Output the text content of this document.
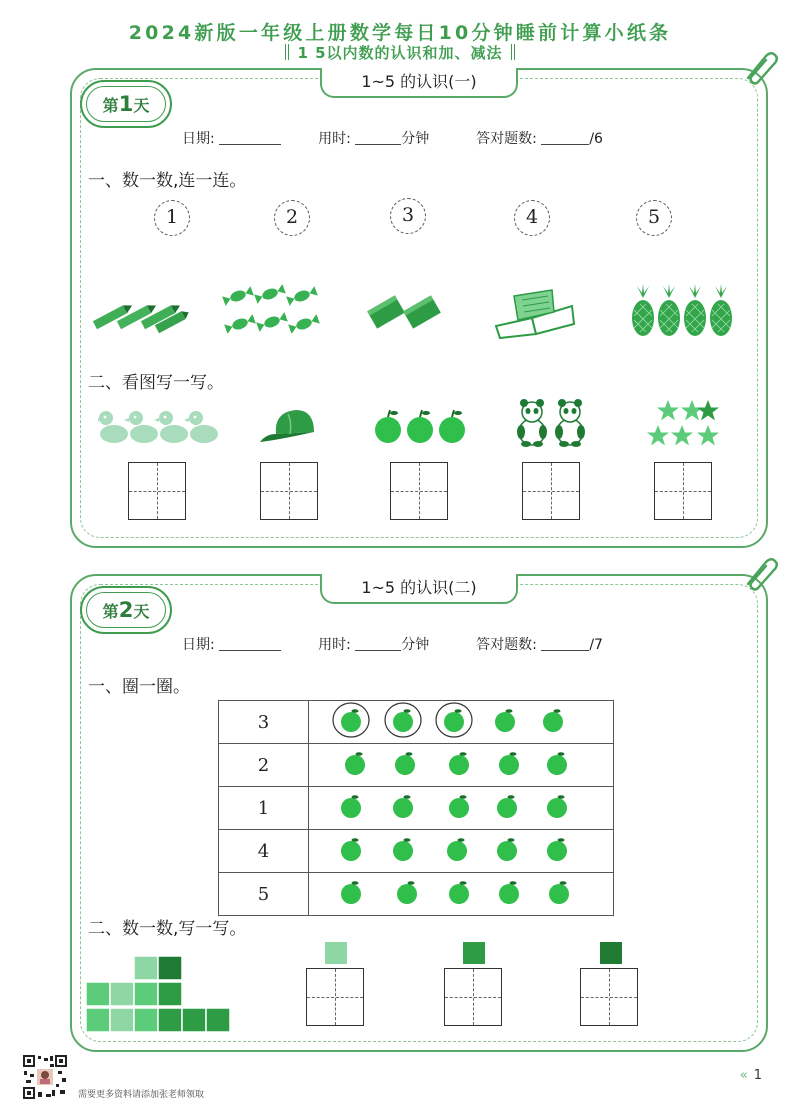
2024新版一年级上册数学每日10分钟睡前计算小纸条
1 5以内数的认识和加、减法
1~5 的认识(一)
第1天
日期:	用时:	分钟	答对题数:	/6
一、数一数,连一连。
1	2	3	4	5
二、看图写一写。
1~5 的认识(二)
第2天
日期:	用时:	分钟	答对题数:	/7
一、圈一圈。
3	
2	
1	
4	
5	
二、数一数,写一写。
需要更多资料请添加张老师领取
« 1
